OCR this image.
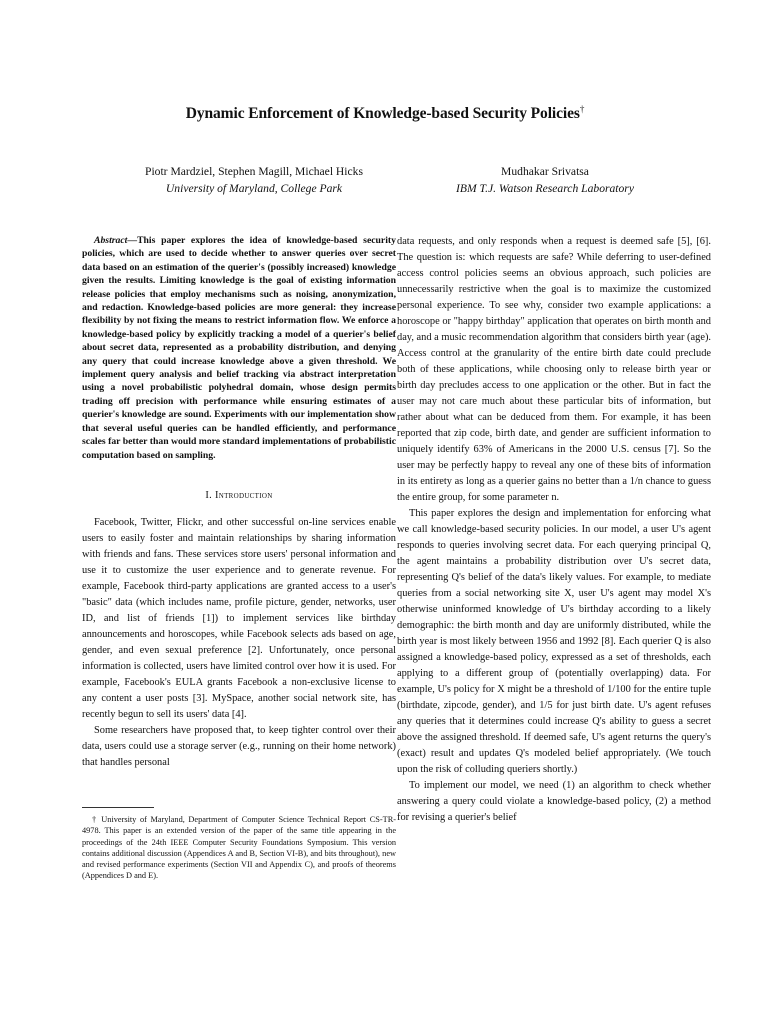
Dynamic Enforcement of Knowledge-based Security Policies†
Piotr Mardziel, Stephen Magill, Michael Hicks
University of Maryland, College Park
Mudhakar Srivatsa
IBM T.J. Watson Research Laboratory

Abstract—This paper explores the idea of knowledge-based security policies, which are used to decide whether to answer queries over secret data based on an estimation of the querier's (possibly increased) knowledge given the results. Limiting knowledge is the goal of existing information release policies that employ mechanisms such as noising, anonymization, and redaction. Knowledge-based policies are more general: they increase flexibility by not fixing the means to restrict information flow. We enforce a knowledge-based policy by explicitly tracking a model of a querier's belief about secret data, represented as a probability distribution, and denying any query that could increase knowledge above a given threshold. We implement query analysis and belief tracking via abstract interpretation using a novel probabilistic polyhedral domain, whose design permits trading off precision with performance while ensuring estimates of a querier's knowledge are sound. Experiments with our implementation show that several useful queries can be handled efficiently, and performance scales far better than would more standard implementations of probabilistic computation based on sampling.

I. Introduction

Facebook, Twitter, Flickr, and other successful on-line services enable users to easily foster and maintain relationships by sharing information with friends and fans. These services store users' personal information and use it to customize the user experience and to generate revenue. For example, Facebook third-party applications are granted access to a user's "basic" data (which includes name, profile picture, gender, networks, user ID, and list of friends [1]) to implement services like birthday announcements and horoscopes, while Facebook selects ads based on age, gender, and even sexual preference [2]. Unfortunately, once personal information is collected, users have limited control over how it is used. For example, Facebook's EULA grants Facebook a non-exclusive license to any content a user posts [3]. MySpace, another social network site, has recently begun to sell its users' data [4].

Some researchers have proposed that, to keep tighter control over their data, users could use a storage server (e.g., running on their home network) that handles personal

† University of Maryland, Department of Computer Science Technical Report CS-TR-4978. This paper is an extended version of the paper of the same title appearing in the proceedings of the 24th IEEE Computer Security Foundations Symposium. This version contains additional discussion (Appendices A and B, Section VI-B), and bits throughout), new and revised performance experiments (Section VII and Appendix C), and proofs of theorems (Appendices D and E).

data requests, and only responds when a request is deemed safe [5], [6]. The question is: which requests are safe? While deferring to user-defined access control policies seems an obvious approach, such policies are unnecessarily restrictive when the goal is to maximize the customized personal experience. To see why, consider two example applications: a horoscope or "happy birthday" application that operates on birth month and day, and a music recommendation algorithm that considers birth year (age). Access control at the granularity of the entire birth date could preclude both of these applications, while choosing only to release birth year or birth day precludes access to one application or the other. But in fact the user may not care much about these particular bits of information, but rather about what can be deduced from them. For example, it has been reported that zip code, birth date, and gender are sufficient information to uniquely identify 63% of Americans in the 2000 U.S. census [7]. So the user may be perfectly happy to reveal any one of these bits of information in its entirety as long as a querier gains no better than a 1/n chance to guess the entire group, for some parameter n.

This paper explores the design and implementation for enforcing what we call knowledge-based security policies. In our model, a user U's agent responds to queries involving secret data. For each querying principal Q, the agent maintains a probability distribution over U's secret data, representing Q's belief of the data's likely values. For example, to mediate queries from a social networking site X, user U's agent may model X's otherwise uninformed knowledge of U's birthday according to a likely demographic: the birth month and day are uniformly distributed, while the birth year is most likely between 1956 and 1992 [8]. Each querier Q is also assigned a knowledge-based policy, expressed as a set of thresholds, each applying to a different group of (potentially overlapping) data. For example, U's policy for X might be a threshold of 1/100 for the entire tuple (birthdate, zipcode, gender), and 1/5 for just birth date. U's agent refuses any queries that it determines could increase Q's ability to guess a secret above the assigned threshold. If deemed safe, U's agent returns the query's (exact) result and updates Q's modeled belief appropriately. (We touch upon the risk of colluding queriers shortly.)

To implement our model, we need (1) an algorithm to check whether answering a query could violate a knowledge-based policy, (2) a method for revising a querier's belief
